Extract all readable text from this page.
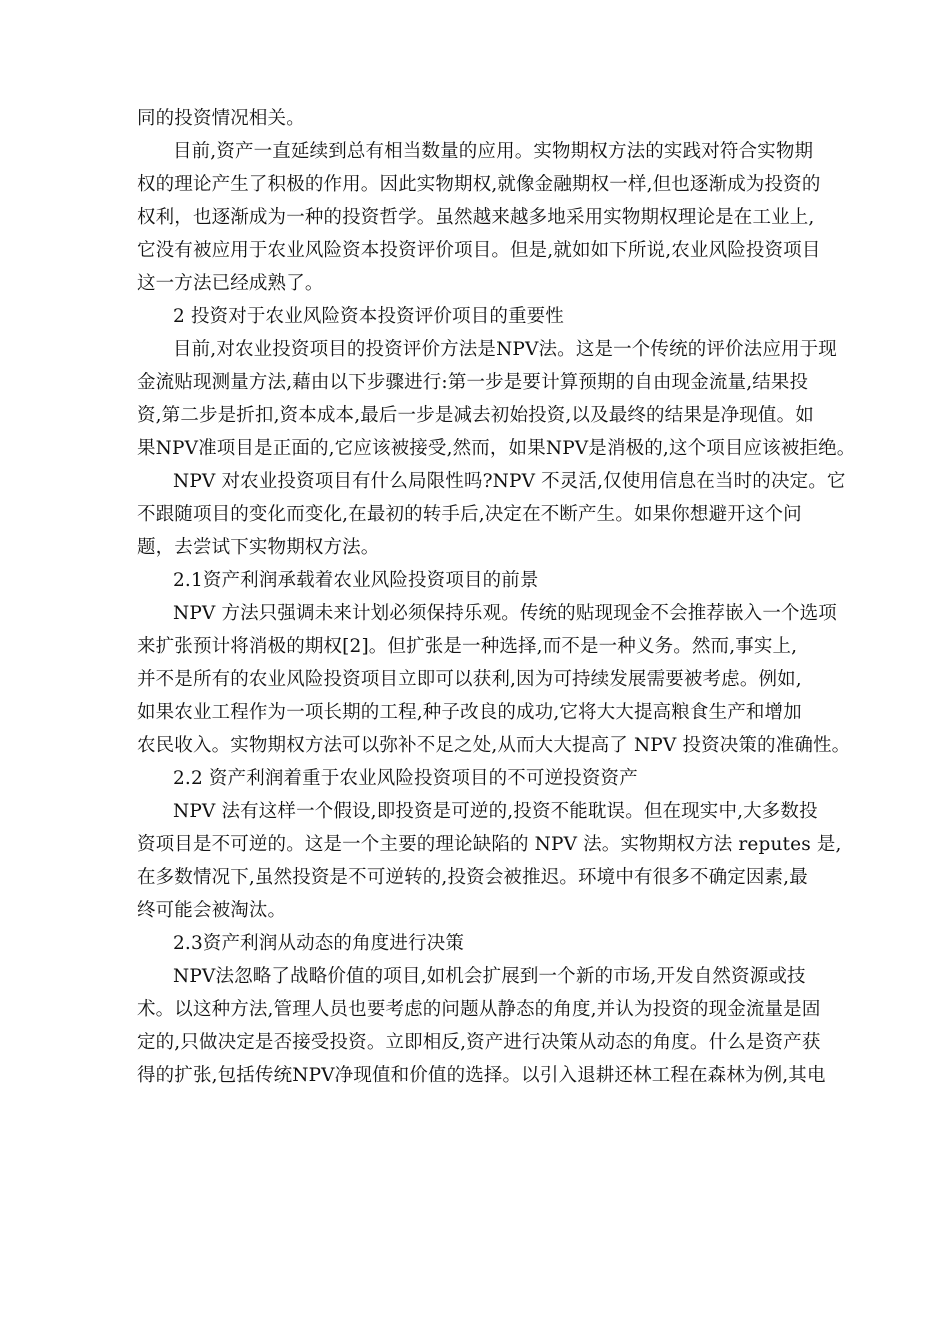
同的投资情况相关。
目前,资产一直延续到总有相当数量的应用。实物期权方法的实践对符合实物期
权的理论产生了积极的作用。因此实物期权,就像金融期权一样,但也逐渐成为投资的
权利，也逐渐成为一种的投资哲学。虽然越来越多地采用实物期权理论是在工业上,
它没有被应用于农业风险资本投资评价项目。但是,就如如下所说,农业风险投资项目
这一方法已经成熟了。
2 投资对于农业风险资本投资评价项目的重要性
目前,对农业投资项目的投资评价方法是NPV法。这是一个传统的评价法应用于现
金流贴现测量方法,藉由以下步骤进行:第一步是要计算预期的自由现金流量,结果投
资,第二步是折扣,资本成本,最后一步是减去初始投资,以及最终的结果是净现值。如
果NPV准项目是正面的,它应该被接受,然而，如果NPV是消极的,这个项目应该被拒绝。
NPV 对农业投资项目有什么局限性吗?NPV 不灵活,仅使用信息在当时的决定。它
不跟随项目的变化而变化,在最初的转手后,决定在不断产生。如果你想避开这个问
题，去尝试下实物期权方法。
2.1资产利润承载着农业风险投资项目的前景
NPV 方法只强调未来计划必须保持乐观。传统的贴现现金不会推荐嵌入一个选项
来扩张预计将消极的期权[2]。但扩张是一种选择,而不是一种义务。然而,事实上,
并不是所有的农业风险投资项目立即可以获利,因为可持续发展需要被考虑。例如,
如果农业工程作为一项长期的工程,种子改良的成功,它将大大提高粮食生产和增加
农民收入。实物期权方法可以弥补不足之处,从而大大提高了 NPV 投资决策的准确性。
2.2 资产利润着重于农业风险投资项目的不可逆投资资产
NPV 法有这样一个假设,即投资是可逆的,投资不能耽误。但在现实中,大多数投
资项目是不可逆的。这是一个主要的理论缺陷的 NPV 法。实物期权方法 reputes 是,
在多数情况下,虽然投资是不可逆转的,投资会被推迟。环境中有很多不确定因素,最
终可能会被淘汰。
2.3资产利润从动态的角度进行决策
NPV法忽略了战略价值的项目,如机会扩展到一个新的市场,开发自然资源或技
术。以这种方法,管理人员也要考虑的问题从静态的角度,并认为投资的现金流量是固
定的,只做决定是否接受投资。立即相反,资产进行决策从动态的角度。什么是资产获
得的扩张,包括传统NPV净现值和价值的选择。以引入退耕还林工程在森林为例,其电
